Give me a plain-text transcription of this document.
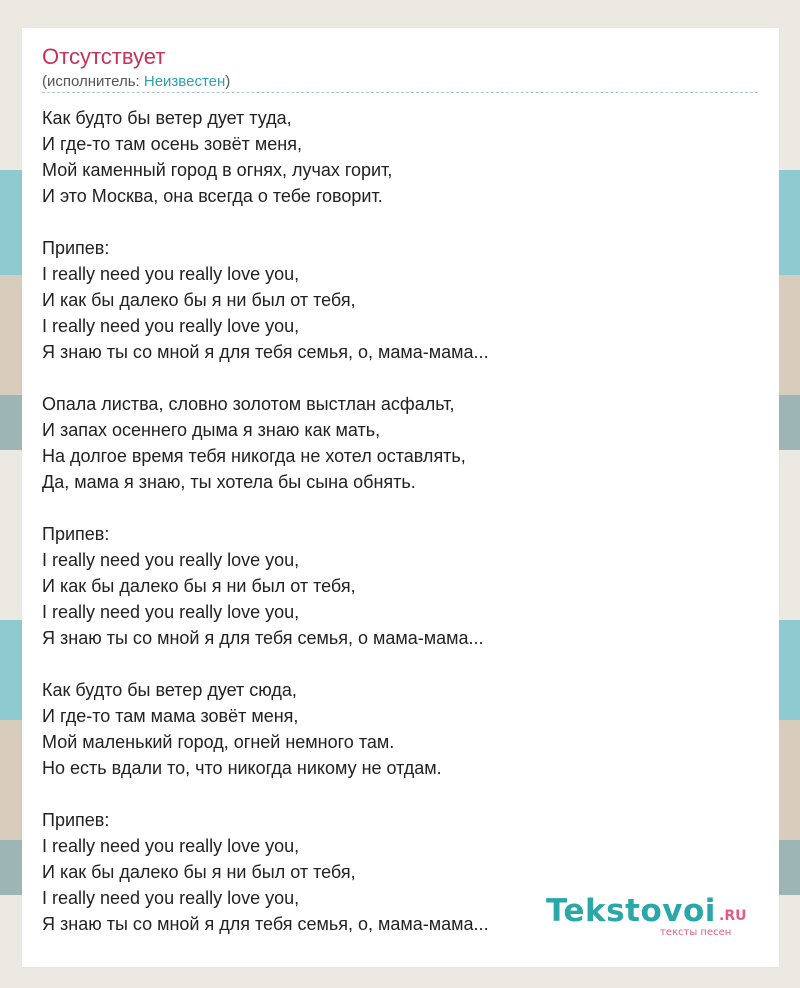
Отсутствует
(исполнитель: Неизвестен)
Как будто бы ветер дует туда,
И где-то там осень зовёт меня,
Мой каменный город в огнях, лучах горит,
И это Москва, она всегда о тебе говорит.
Припев:
I really need you really love you,
И как бы далеко бы я ни был от тебя,
I really need you really love you,
Я знаю ты со мной я для тебя семья, о, мама-мама...
Опала листва, словно золотом выстлан асфальт,
И запах осеннего дыма я знаю как мать,
На долгое время тебя никогда не хотел оставлять,
Да, мама я знаю, ты хотела бы сына обнять.
Припев:
I really need you really love you,
И как бы далеко бы я ни был от тебя,
I really need you really love you,
Я знаю ты со мной я для тебя семья, о мама-мама...
Как будто бы ветер дует сюда,
И где-то там мама зовёт меня,
Мой маленький город, огней немного там.
Но есть вдали то, что никогда никому не отдам.
Припев:
I really need you really love you,
И как бы далеко бы я ни был от тебя,
I really need you really love you,
Я знаю ты со мной я для тебя семья, о, мама-мама...	Tekstovoi .RU
тексты песен
